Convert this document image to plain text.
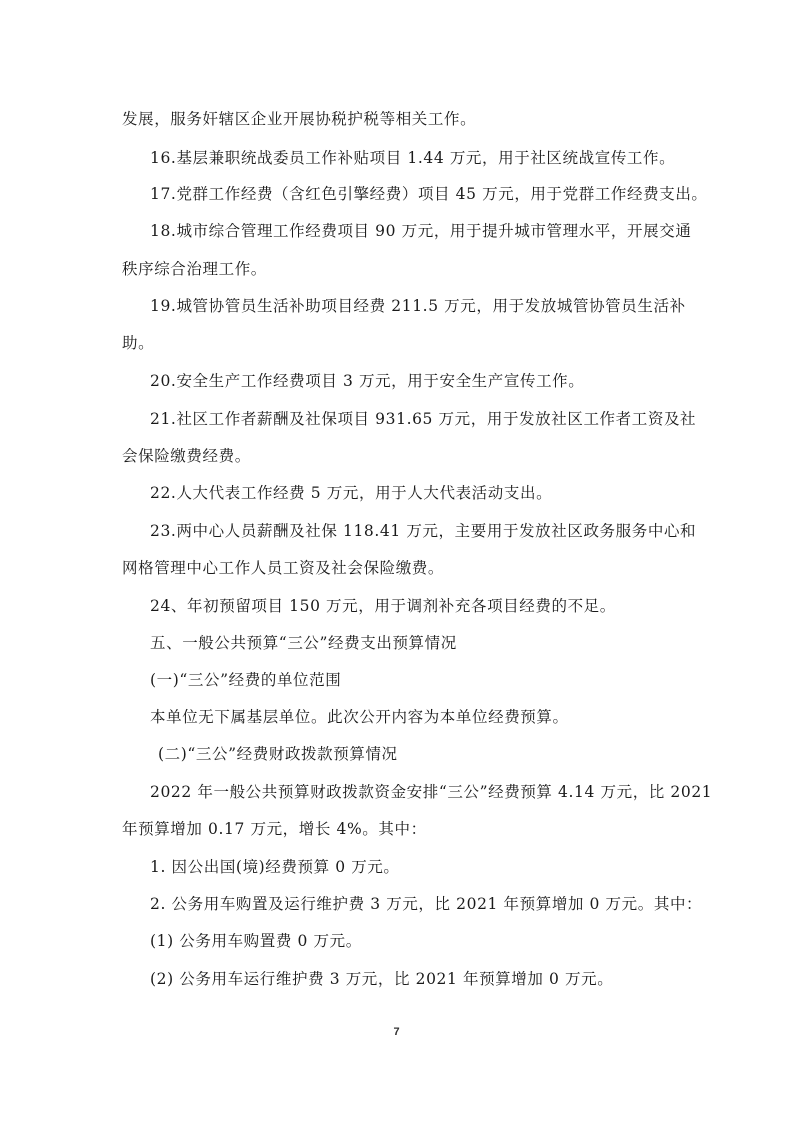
发展，服务奸辖区企业开展协税护税等相关工作。
16.基层兼职统战委员工作补贴项目 1.44 万元，用于社区统战宣传工作。
17.党群工作经费（含红色引擎经费）项目 45 万元，用于党群工作经费支出。
18.城市综合管理工作经费项目 90 万元，用于提升城市管理水平，开展交通
秩序综合治理工作。
19.城管协管员生活补助项目经费 211.5 万元，用于发放城管协管员生活补
助。
20.安全生产工作经费项目 3 万元，用于安全生产宣传工作。
21.社区工作者薪酬及社保项目 931.65 万元，用于发放社区工作者工资及社
会保险缴费经费。
22.人大代表工作经费 5 万元，用于人大代表活动支出。
23.两中心人员薪酬及社保 118.41 万元，主要用于发放社区政务服务中心和
网格管理中心工作人员工资及社会保险缴费。
24、年初预留项目 150 万元，用于调剂补充各项目经费的不足。
五、一般公共预算“三公”经费支出预算情况
(一)“三公”经费的单位范围
本单位无下属基层单位。此次公开内容为本单位经费预算。
(二)“三公”经费财政拨款预算情况
2022 年一般公共预算财政拨款资金安排“三公”经费预算 4.14 万元，比 2021
年预算增加 0.17 万元，增长 4%。其中：
1. 因公出国(境)经费预算 0 万元。
2. 公务用车购置及运行维护费 3 万元，比 2021 年预算增加 0 万元。其中：
(1) 公务用车购置费 0 万元。
(2) 公务用车运行维护费 3 万元，比 2021 年预算增加 0 万元。
7
